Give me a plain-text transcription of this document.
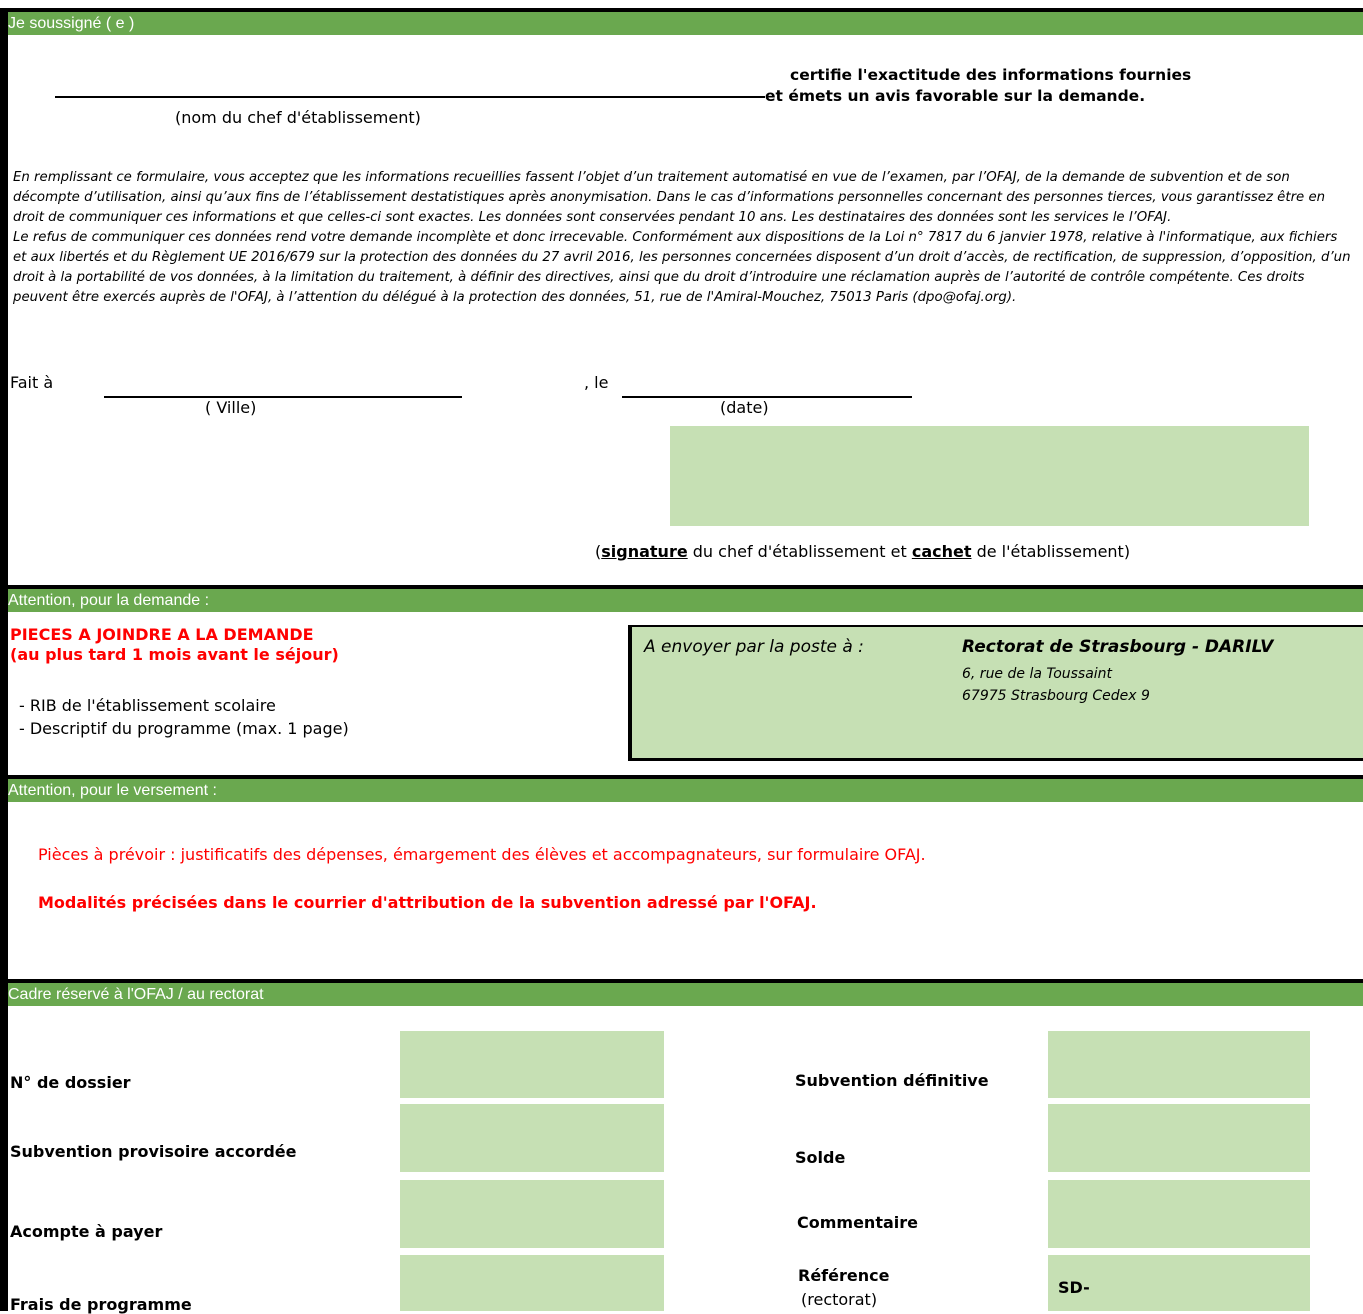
Je soussigné ( e )
(nom du chef d'établissement)
certifie l'exactitude des informations fournies
et émets un avis favorable sur la demande.
En remplissant ce formulaire, vous acceptez que les informations recueillies fassent l’objet d’un traitement automatisé en vue de l’examen, par l’OFAJ, de la demande de subvention et de son décompte d’utilisation, ainsi qu’aux fins de l’établissement destatistiques après anonymisation. Dans le cas d’informations personnelles concernant des personnes tierces, vous garantissez être en droit de communiquer ces informations et que celles-ci sont exactes. Les données sont conservées pendant 10 ans. Les destinataires des données sont les services le l’OFAJ.
Le refus de communiquer ces données rend votre demande incomplète et donc irrecevable. Conformément aux dispositions de la Loi n° 7817 du 6 janvier 1978, relative à l'informatique, aux fichiers et aux libertés et du Règlement UE 2016/679 sur la protection des données du 27 avril 2016, les personnes concernées disposent d’un droit d’accès, de rectification, de suppression, d’opposition, d’un droit à la portabilité de vos données, à la limitation du traitement, à définir des directives, ainsi que du droit d’introduire une réclamation auprès de l’autorité de contrôle compétente. Ces droits peuvent être exercés auprès de l'OFAJ, à l’attention du délégué à la protection des données, 51, rue de l'Amiral-Mouchez, 75013 Paris (dpo@ofaj.org).
Fait à
( Ville)
, le
(date)
(signature du chef d'établissement et cachet de l'établissement)
Attention, pour la demande :
PIECES A JOINDRE A LA DEMANDE
(au plus tard 1 mois avant le séjour)
- RIB de l'établissement scolaire
- Descriptif du programme (max. 1 page)
A envoyer par la poste à :	Rectorat de Strasbourg - DARILV
6, rue de la Toussaint
67975 Strasbourg Cedex 9
Attention, pour le versement :
Pièces à prévoir : justificatifs des dépenses, émargement des élèves et accompagnateurs, sur formulaire OFAJ.
Modalités précisées dans le courrier d'attribution de la subvention adressé par l'OFAJ.
Cadre réservé à l'OFAJ / au rectorat
N° de dossier
Subvention provisoire accordée
Acompte à payer
Frais de programme
Subvention définitive
Solde
Commentaire
Référence
(rectorat)
SD-
